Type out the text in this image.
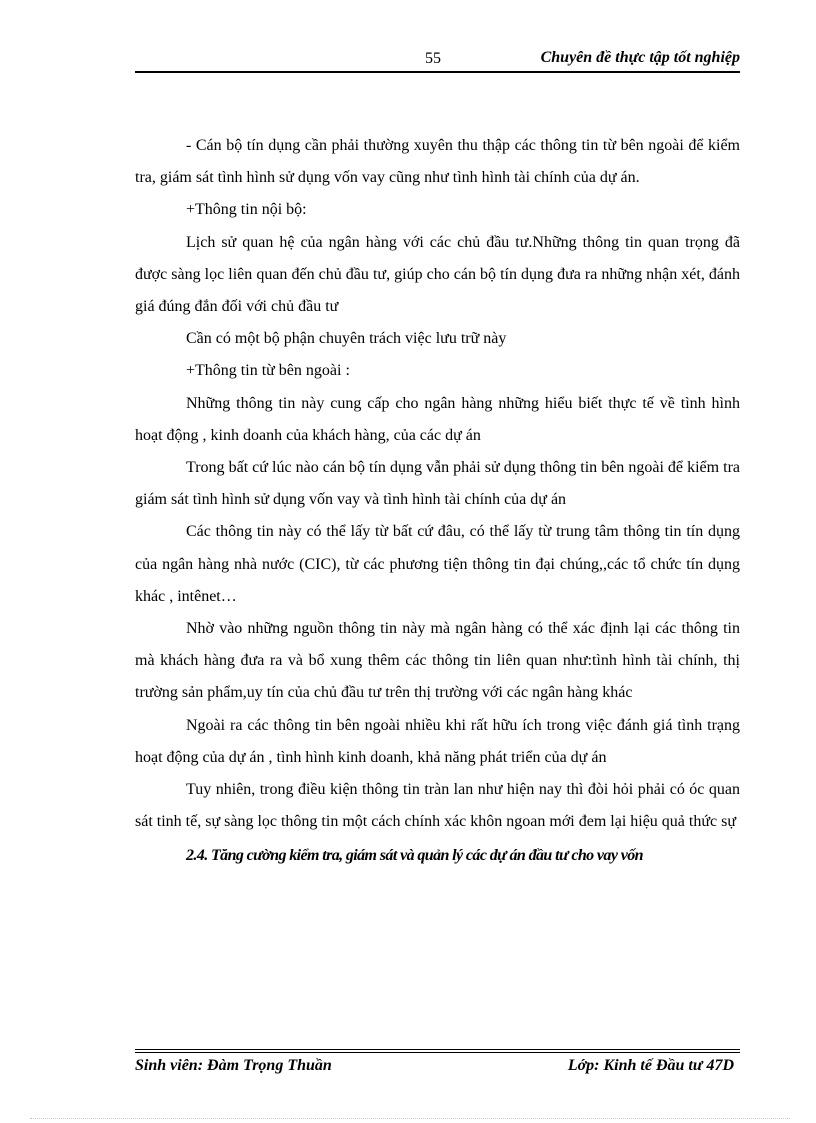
55	Chuyên đề thực tập tốt nghiệp

- Cán bộ tín dụng cần phải thường xuyên thu thập các thông tin từ bên ngoài để kiểm tra, giám sát tình hình sử dụng vốn vay cũng như tình hình tài chính của dự án.

+Thông tin nội bộ:

Lịch sử quan hệ của ngân hàng với các chủ đầu tư.Những thông tin quan trọng đã được sàng lọc liên quan đến chủ đầu tư, giúp cho cán bộ tín dụng đưa ra những nhận xét, đánh giá đúng đắn đối với chủ đầu tư

Cần có một bộ phận chuyên trách việc lưu trữ này

+Thông tin từ bên ngoài :

Những thông tin này cung cấp cho ngân hàng những hiểu biết thực tế về tình hình hoạt động , kinh doanh của khách hàng, của các dự án

Trong bất cứ lúc nào cán bộ tín dụng vẫn phải sử dụng thông tin bên ngoài để kiểm tra giám sát tình hình sử dụng vốn vay và tình hình tài chính của dự án

Các thông tin này có thể lấy từ bất cứ đâu, có thể lấy từ trung tâm thông tin tín dụng của ngân hàng nhà nước (CIC), từ các phương tiện thông tin đại chúng,,các tổ chức tín dụng khác , intênet…

Nhờ vào những nguồn thông tin này mà ngân hàng có thể xác định lại các thông tin mà khách hàng đưa ra và bổ xung thêm các thông tin liên quan như:tình hình tài chính, thị trường sản phẩm,uy tín của chủ đầu tư trên thị trường với các ngân hàng khác

Ngoài ra các thông tin bên ngoài nhiều khi rất hữu ích trong việc đánh giá tình trạng hoạt động của dự án , tình hình kinh doanh, khả năng phát triển của dự án

Tuy nhiên, trong điều kiện thông tin tràn lan như hiện nay thì đòi hỏi phải có óc quan sát tinh tế, sự sàng lọc thông tin một cách chính xác khôn ngoan mới đem lại hiệu quả thức sự

2.4. Tăng cường kiểm tra, giám sát và quản lý các dự án đầu tư cho vay vốn

Sinh viên: Đàm Trọng Thuần	Lớp: Kinh tế Đầu tư 47D
